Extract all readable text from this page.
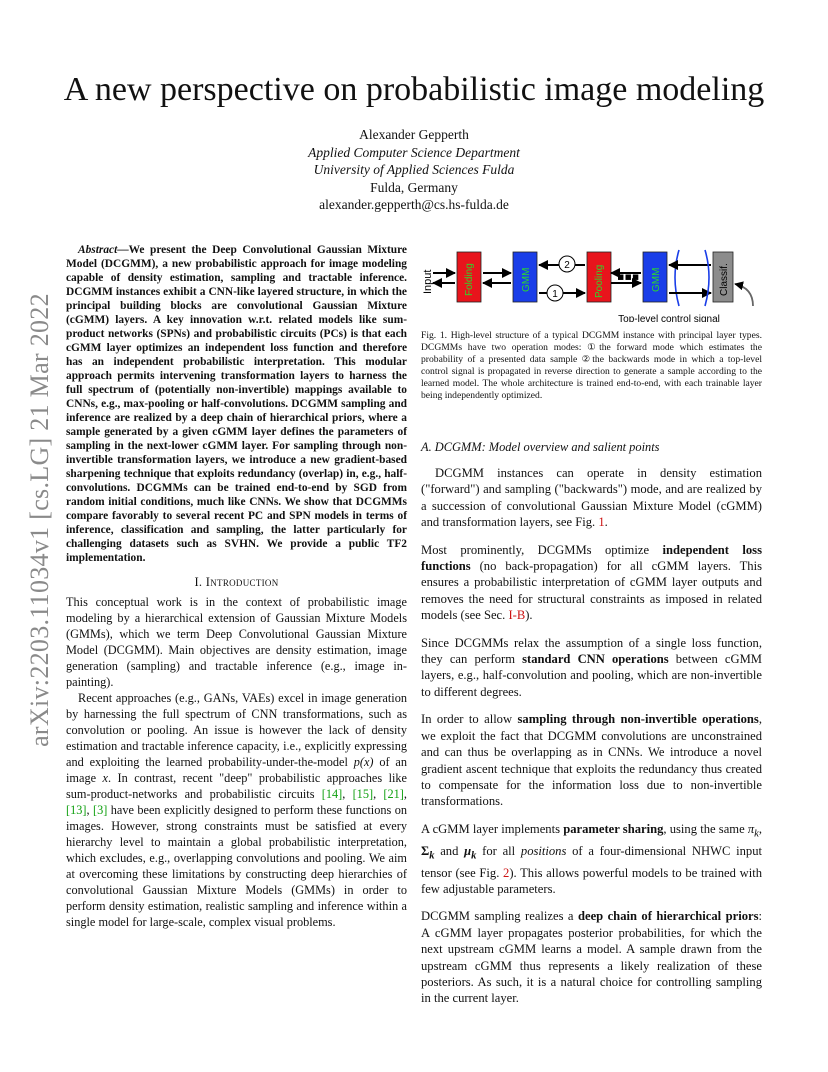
arXiv:2203.11034v1 [cs.LG] 21 Mar 2022
A new perspective on probabilistic image modeling
Alexander Gepperth
Applied Computer Science Department
University of Applied Sciences Fulda
Fulda, Germany
alexander.gepperth@cs.hs-fulda.de

Abstract—We present the Deep Convolutional Gaussian Mixture Model (DCGMM), a new probabilistic approach for image modeling capable of density estimation, sampling and tractable inference. DCGMM instances exhibit a CNN-like layered structure, in which the principal building blocks are convolutional Gaussian Mixture (cGMM) layers. A key innovation w.r.t. related models like sum-product networks (SPNs) and probabilistic circuits (PCs) is that each cGMM layer optimizes an independent loss function and therefore has an independent probabilistic interpretation. This modular approach permits intervening transformation layers to harness the full spectrum of (potentially non-invertible) mappings available to CNNs, e.g., max-pooling or half-convolutions. DCGMM sampling and inference are realized by a deep chain of hierarchical priors, where a sample generated by a given cGMM layer defines the parameters of sampling in the next-lower cGMM layer. For sampling through non-invertible transformation layers, we introduce a new gradient-based sharpening technique that exploits redundancy (overlap) in, e.g., half-convolutions. DCGMMs can be trained end-to-end by SGD from random initial conditions, much like CNNs. We show that DCGMMs compare favorably to several recent PC and SPN models in terms of inference, classification and sampling, the latter particularly for challenging datasets such as SVHN. We provide a public TF2 implementation.

I. Introduction

This conceptual work is in the context of probabilistic image modeling by a hierarchical extension of Gaussian Mixture Models (GMMs), which we term Deep Convolutional Gaussian Mixture Model (DCGMM). Main objectives are density estimation, image generation (sampling) and tractable inference (e.g., image in-painting).

Recent approaches (e.g., GANs, VAEs) excel in image generation by harnessing the full spectrum of CNN transformations, such as convolution or pooling. An issue is however the lack of density estimation and tractable inference capacity, i.e., explicitly expressing and exploiting the learned probability-under-the-model p(x) of an image x. In contrast, recent "deep" probabilistic approaches like sum-product-networks and probabilistic circuits [14], [15], [21], [13], [3] have been explicitly designed to perform these functions on images. However, strong constraints must be satisfied at every hierarchy level to maintain a global probabilistic interpretation, which excludes, e.g., overlapping convolutions and pooling. We aim at overcoming these limitations by constructing deep hierarchies of convolutional Gaussian Mixture Models (GMMs) in order to perform density estimation, realistic sampling and inference within a single model for large-scale, complex visual problems.

Input	Folding	GMM
2
1	Pooling ▪▪▪ GMM	Classif.
Top-level control signal

Fig. 1. High-level structure of a typical DCGMM instance with principal layer types. DCGMMs have two operation modes: ①the forward mode which estimates the probability of a presented data sample ②the backwards mode in which a top-level control signal is propagated in reverse direction to generate a sample according to the learned model. The whole architecture is trained end-to-end, with each trainable layer being independently optimized.

A. DCGMM: Model overview and salient points

DCGMM instances can operate in density estimation ("forward") and sampling ("backwards") mode, and are realized by a succession of convolutional Gaussian Mixture Model (cGMM) and transformation layers, see Fig. 1.

Most prominently, DCGMMs optimize independent loss functions (no back-propagation) for all cGMM layers. This ensures a probabilistic interpretation of cGMM layer outputs and removes the need for structural constraints as imposed in related models (see Sec. I-B).

Since DCGMMs relax the assumption of a single loss function, they can perform standard CNN operations between cGMM layers, e.g., half-convolution and pooling, which are non-invertible to different degrees.

In order to allow sampling through non-invertible operations, we exploit the fact that DCGMM convolutions are unconstrained and can thus be overlapping as in CNNs. We introduce a novel gradient ascent technique that exploits the redundancy thus created to compensate for the information loss due to non-invertible transformations.

A cGMM layer implements parameter sharing, using the same $\pi_k$, $\Sigma_k$ and $\mu_k$ for all positions of a four-dimensional NHWC input tensor (see Fig. 2). This allows powerful models to be trained with few adjustable parameters.

DCGMM sampling realizes a deep chain of hierarchical priors: A cGMM layer propagates posterior probabilities, for which the next upstream cGMM learns a model. A sample drawn from the upstream cGMM thus represents a likely realization of these posteriors. As such, it is a natural choice for controlling sampling in the current layer.
